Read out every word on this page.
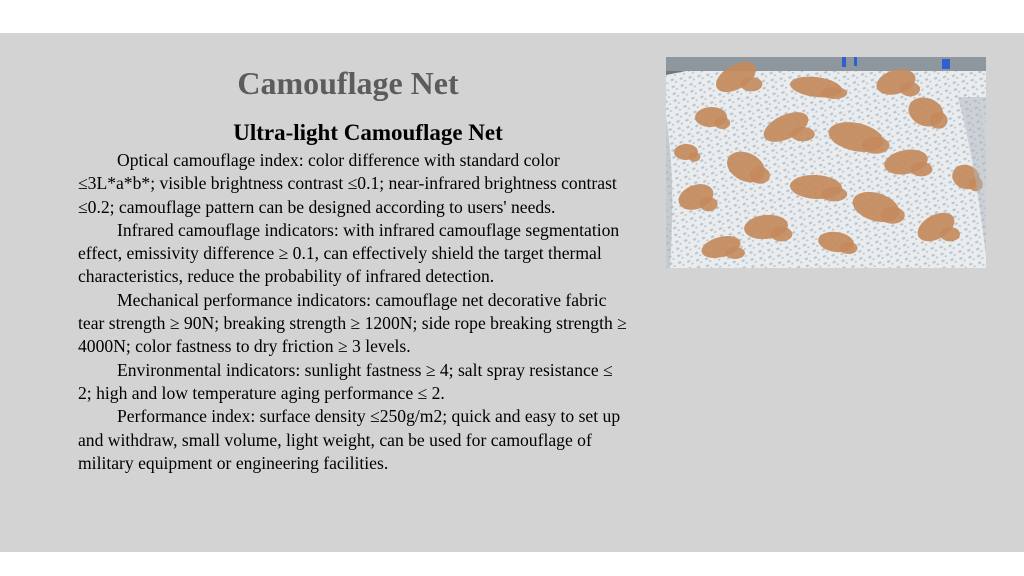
Camouflage Net
Ultra-light Camouflage Net

Optical camouflage index: color difference with standard color ≤3L*a*b*; visible brightness contrast ≤0.1; near-infrared brightness contrast ≤0.2; camouflage pattern can be designed according to users' needs.

Infrared camouflage indicators: with infrared camouflage segmentation effect, emissivity difference ≥ 0.1, can effectively shield the target thermal characteristics, reduce the probability of infrared detection.

Mechanical performance indicators: camouflage net decorative fabric tear strength ≥ 90N; breaking strength ≥ 1200N; side rope breaking strength ≥ 4000N; color fastness to dry friction ≥ 3 levels.

Environmental indicators: sunlight fastness ≥ 4; salt spray resistance ≤ 2; high and low temperature aging performance ≤ 2.

Performance index: surface density ≤250g/m2; quick and easy to set up and withdraw, small volume, light weight, can be used for camouflage of military equipment or engineering facilities.
